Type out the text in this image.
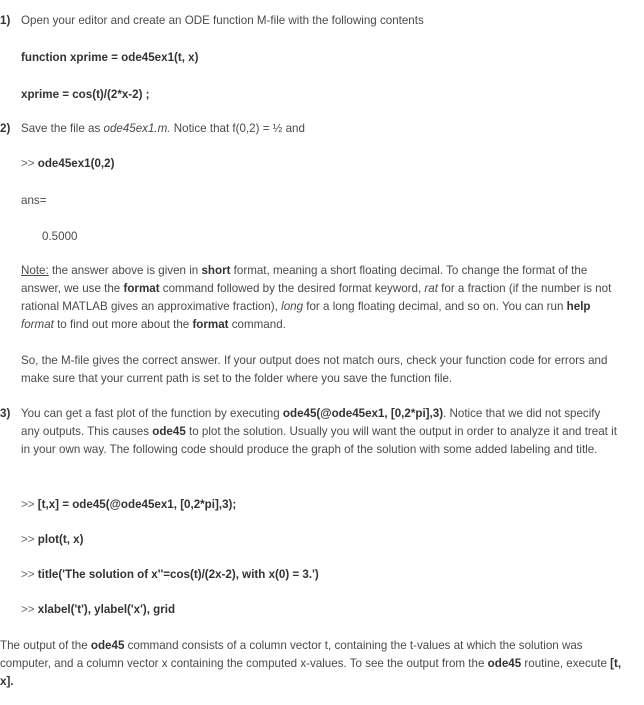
1) Open your editor and create an ODE function M-file with the following contents
function xprime = ode45ex1(t, x)
xprime = cos(t)/(2*x-2) ;
2) Save the file as ode45ex1.m. Notice that f(0,2) = ½ and
>> ode45ex1(0,2)
ans=
0.5000
Note: the answer above is given in short format, meaning a short floating decimal. To change the format of the answer, we use the format command followed by the desired format keyword, rat for a fraction (if the number is not rational MATLAB gives an approximative fraction), long for a long floating decimal, and so on. You can run help format to find out more about the format command.
So, the M-file gives the correct answer. If your output does not match ours, check your function code for errors and make sure that your current path is set to the folder where you save the function file.
3) You can get a fast plot of the function by executing ode45(@ode45ex1, [0,2*pi],3). Notice that we did not specify any outputs. This causes ode45 to plot the solution. Usually you will want the output in order to analyze it and treat it in your own way. The following code should produce the graph of the solution with some added labeling and title.
>> [t,x] = ode45(@ode45ex1, [0,2*pi],3);
>> plot(t, x)
>> title('The solution of x''=cos(t)/(2x-2), with x(0) = 3.')
>> xlabel('t'), ylabel('x'), grid
The output of the ode45 command consists of a column vector t, containing the t-values at which the solution was computer, and a column vector x containing the computed x-values. To see the output from the ode45 routine, execute [t, x].
